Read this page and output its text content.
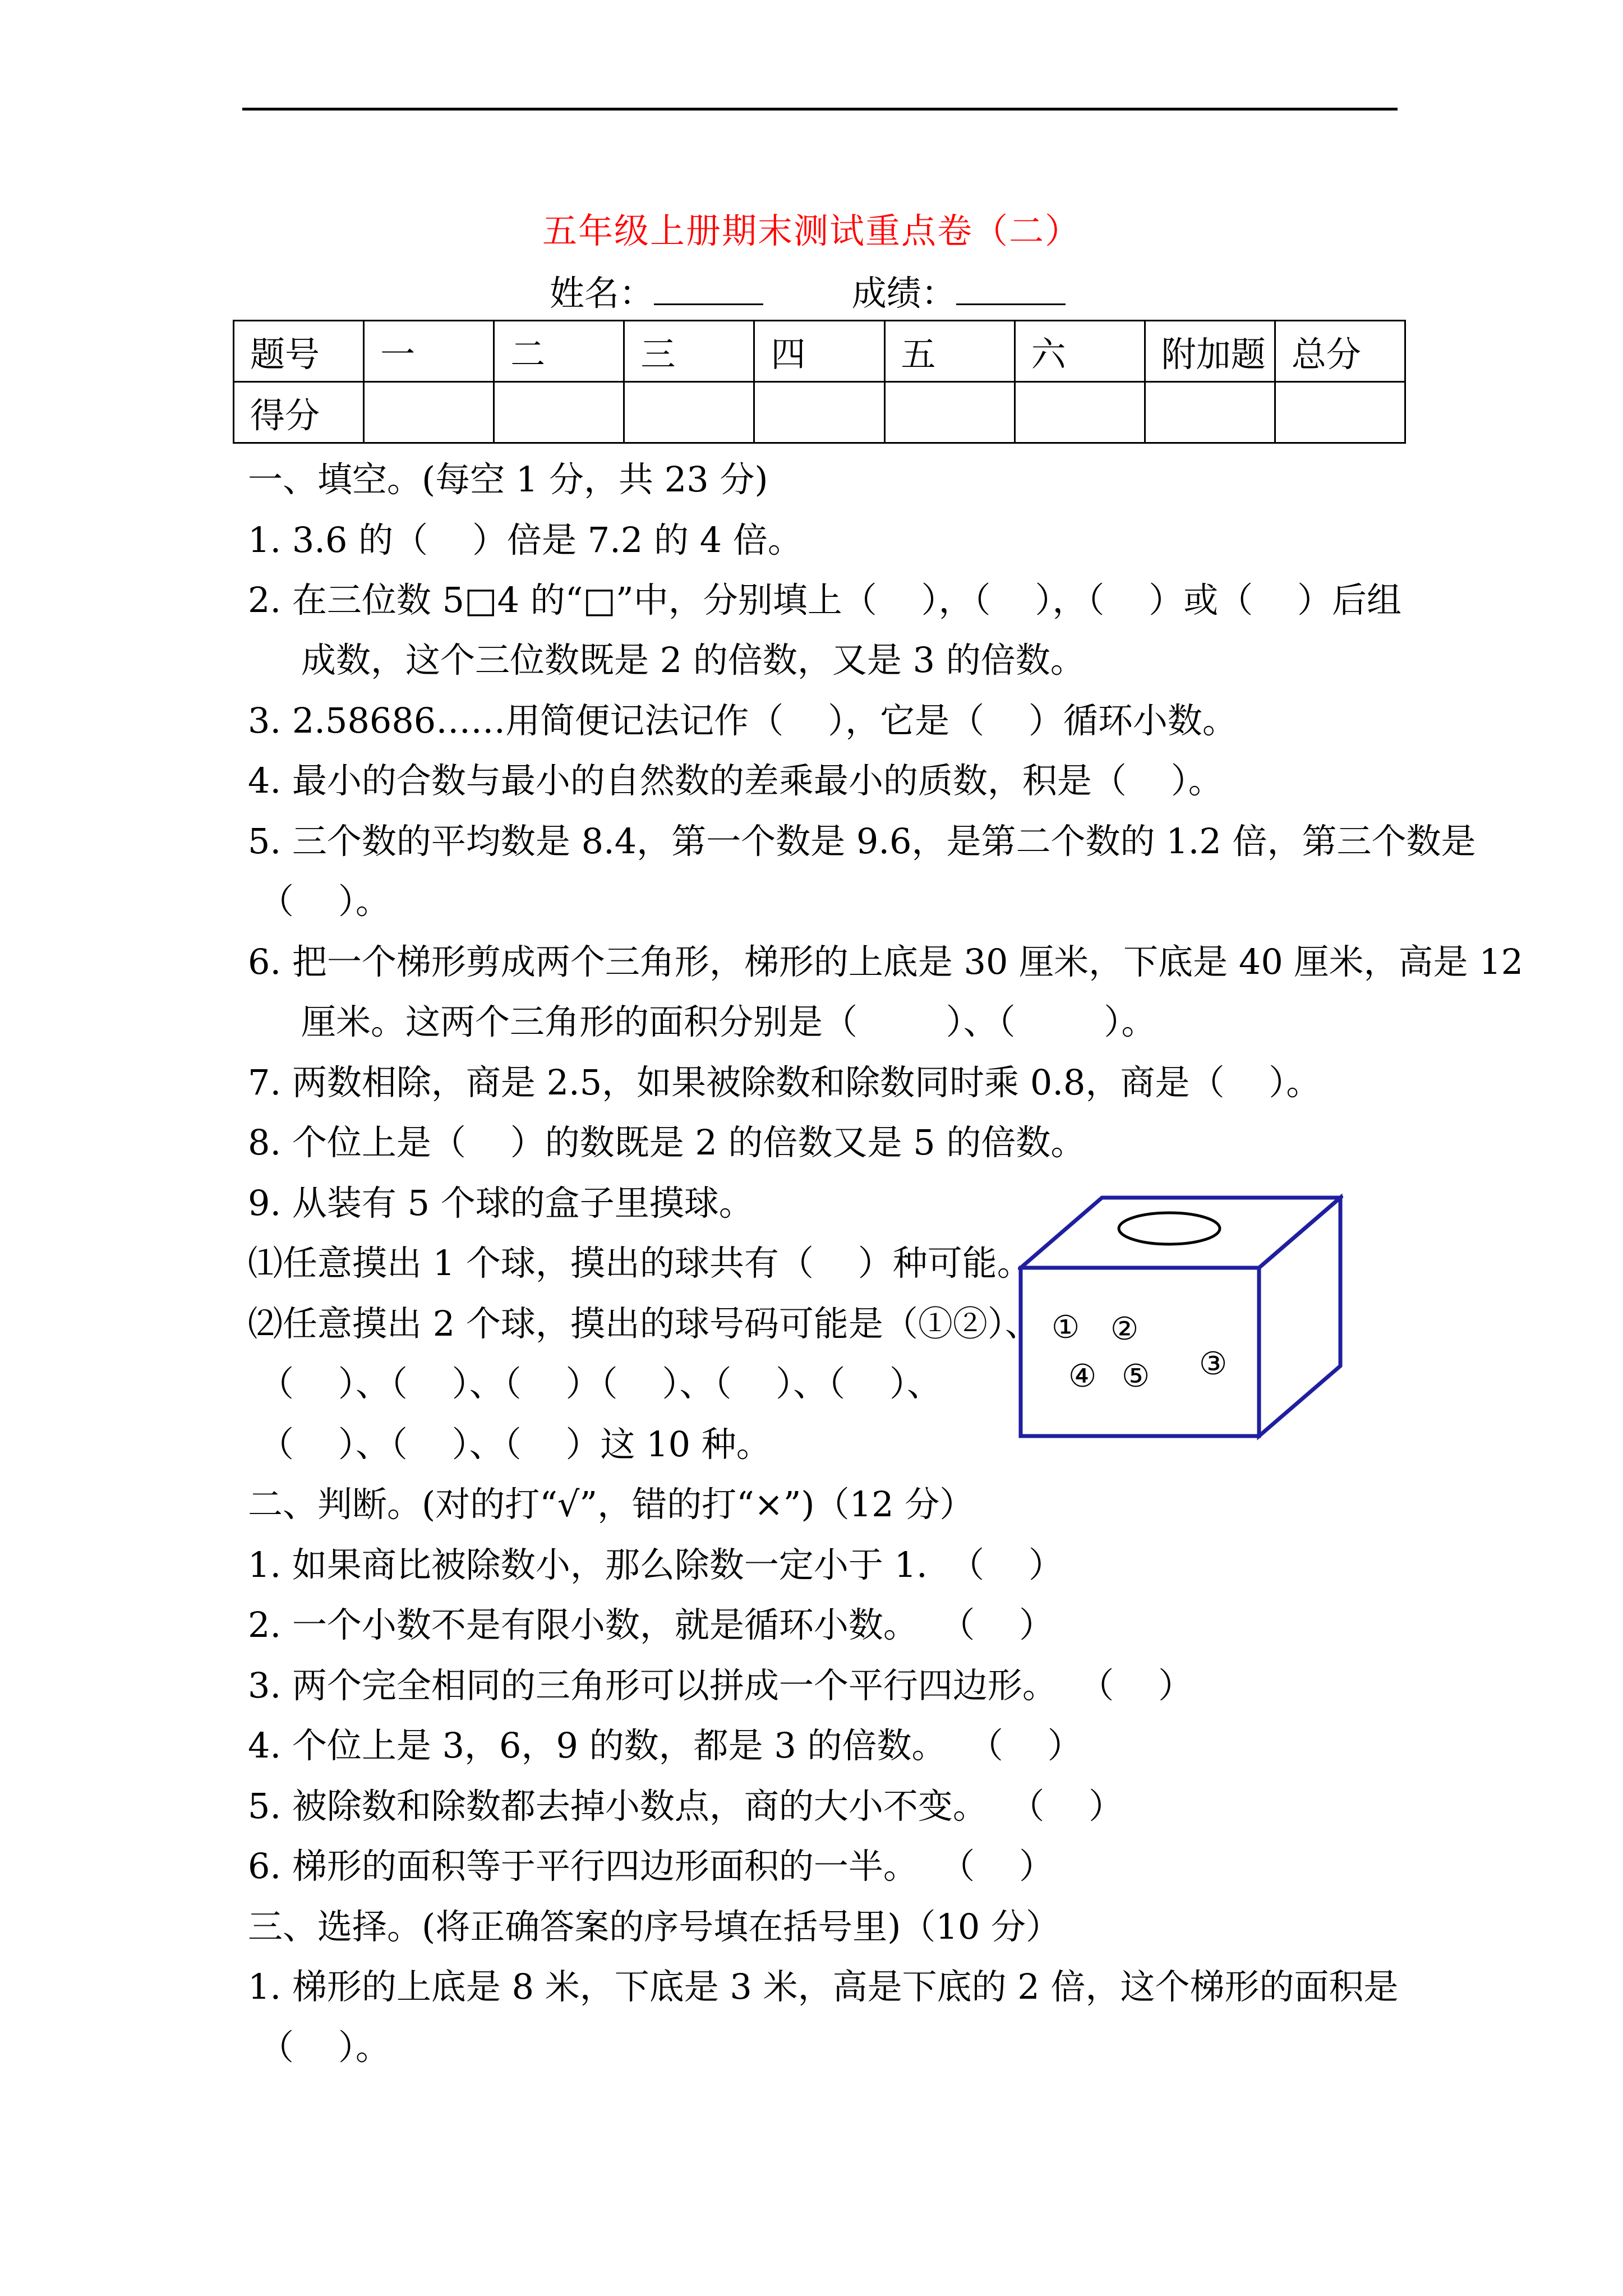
五年级上册期末测试重点卷（二）
姓名：	成绩：
题号	一	二	三	四	五	六	附加题	总分
得分								
一、填空。(每空 1 分，共 23 分)
1. 3.6 的（    ）倍是 7.2 的 4 倍。
2. 在三位数 5□4 的“□”中，分别填上（    ），（    ），（    ）或（    ）后组
成数，这个三位数既是 2 的倍数，又是 3 的倍数。
3. 2.58686……用简便记法记作（    ），它是（    ）循环小数。
4. 最小的合数与最小的自然数的差乘最小的质数，积是（    ）。
5. 三个数的平均数是 8.4，第一个数是 9.6，是第二个数的 1.2 倍，第三个数是
（    ）。
6. 把一个梯形剪成两个三角形，梯形的上底是 30 厘米，下底是 40 厘米，高是 12
厘米。这两个三角形的面积分别是（        ）、（        ）。
7. 两数相除，商是 2.5，如果被除数和除数同时乘 0.8，商是（    ）。
8. 个位上是（    ）的数既是 2 的倍数又是 5 的倍数。
9. 从装有 5 个球的盒子里摸球。
⑴任意摸出 1 个球，摸出的球共有（    ）种可能。
⑵任意摸出 2 个球，摸出的球号码可能是（①②）、
（    ）、（    ）、（    ）（    ）、（    ）、（    ）、
（    ）、（    ）、（    ）这 10 种。
① ②
③
④ ⑤
二、判断。(对的打“√”，错的打“×”)（12 分）
1. 如果商比被除数小，那么除数一定小于 1.  （    ）
2. 一个小数不是有限小数，就是循环小数。  （    ）
3. 两个完全相同的三角形可以拼成一个平行四边形。  （    ）
4. 个位上是 3，6，9 的数，都是 3 的倍数。  （    ）
5. 被除数和除数都去掉小数点，商的大小不变。  （    ）
6. 梯形的面积等于平行四边形面积的一半。  （    ）
三、选择。(将正确答案的序号填在括号里)（10 分）
1. 梯形的上底是 8 米，下底是 3 米，高是下底的 2 倍，这个梯形的面积是
（    ）。
